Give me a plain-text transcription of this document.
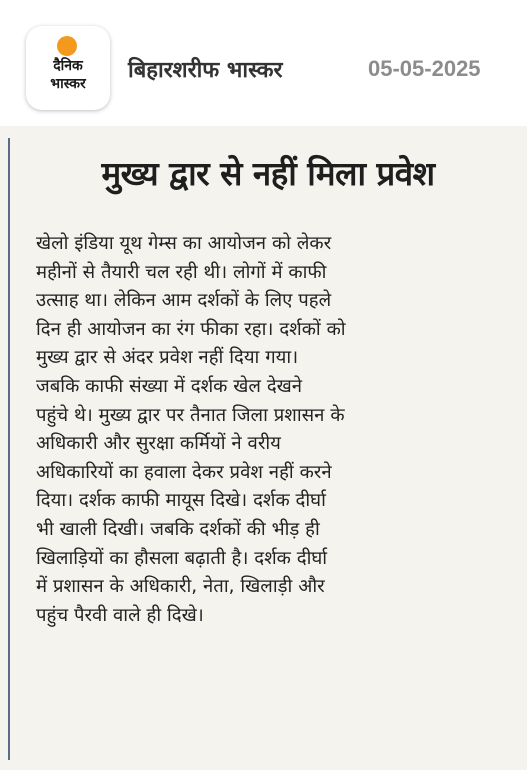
दैनिक
भास्कर
बिहारशरीफ भास्कर	05-05-2025
मुख्य द्वार से नहीं मिला प्रवेश
खेलो इंडिया यूथ गेम्स का आयोजन को लेकर
महीनों से तैयारी चल रही थी। लोगों में काफी
उत्साह था। लेकिन आम दर्शकों के लिए पहले
दिन ही आयोजन का रंग फीका रहा। दर्शकों को
मुख्य द्वार से अंदर प्रवेश नहीं दिया गया।
जबकि काफी संख्या में दर्शक खेल देखने
पहुंचे थे। मुख्य द्वार पर तैनात जिला प्रशासन के
अधिकारी और सुरक्षा कर्मियों ने वरीय
अधिकारियों का हवाला देकर प्रवेश नहीं करने
दिया। दर्शक काफी मायूस दिखे। दर्शक दीर्घा
भी खाली दिखी। जबकि दर्शकों की भीड़ ही
खिलाड़ियों का हौसला बढ़ाती है। दर्शक दीर्घा
में प्रशासन के अधिकारी, नेता, खिलाड़ी और
पहुंच पैरवी वाले ही दिखे।
